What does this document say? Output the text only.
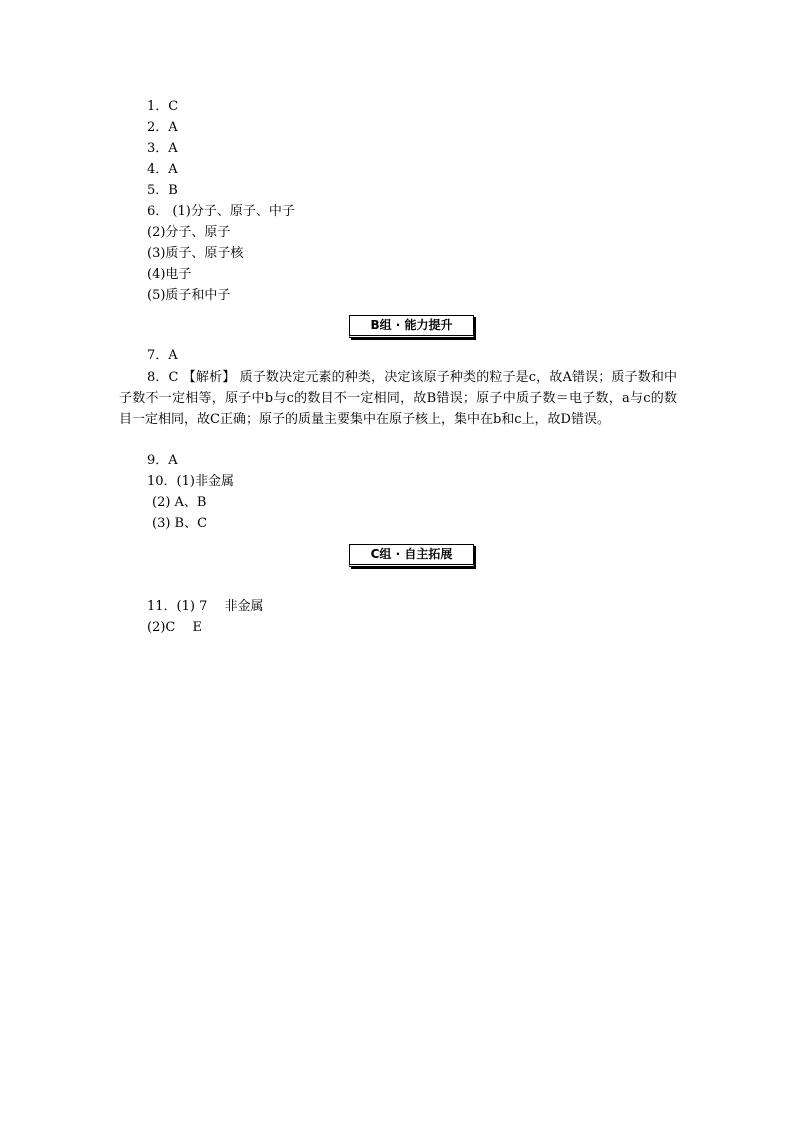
1．C
2．A
3．A
4．A
5．B
6． (1)分子、原子、中子
(2)分子、原子
(3)质子、原子核
(4)电子
(5)质子和中子
B组 · 能力提升
7．A
8．C 【解析】 质子数决定元素的种类，决定该原子种类的粒子是c，故A错误；质子数和中子数不一定相等，原子中b与c的数目不一定相同，故B错误；原子中质子数＝电子数，a与c的数目一定相同，故C正确；原子的质量主要集中在原子核上，集中在b和c上，故D错误。
9．A
10．(1)非金属
(2) A、B
(3) B、C
C组 · 自主拓展
11．(1) 7　 非金属
(2)C　 E
